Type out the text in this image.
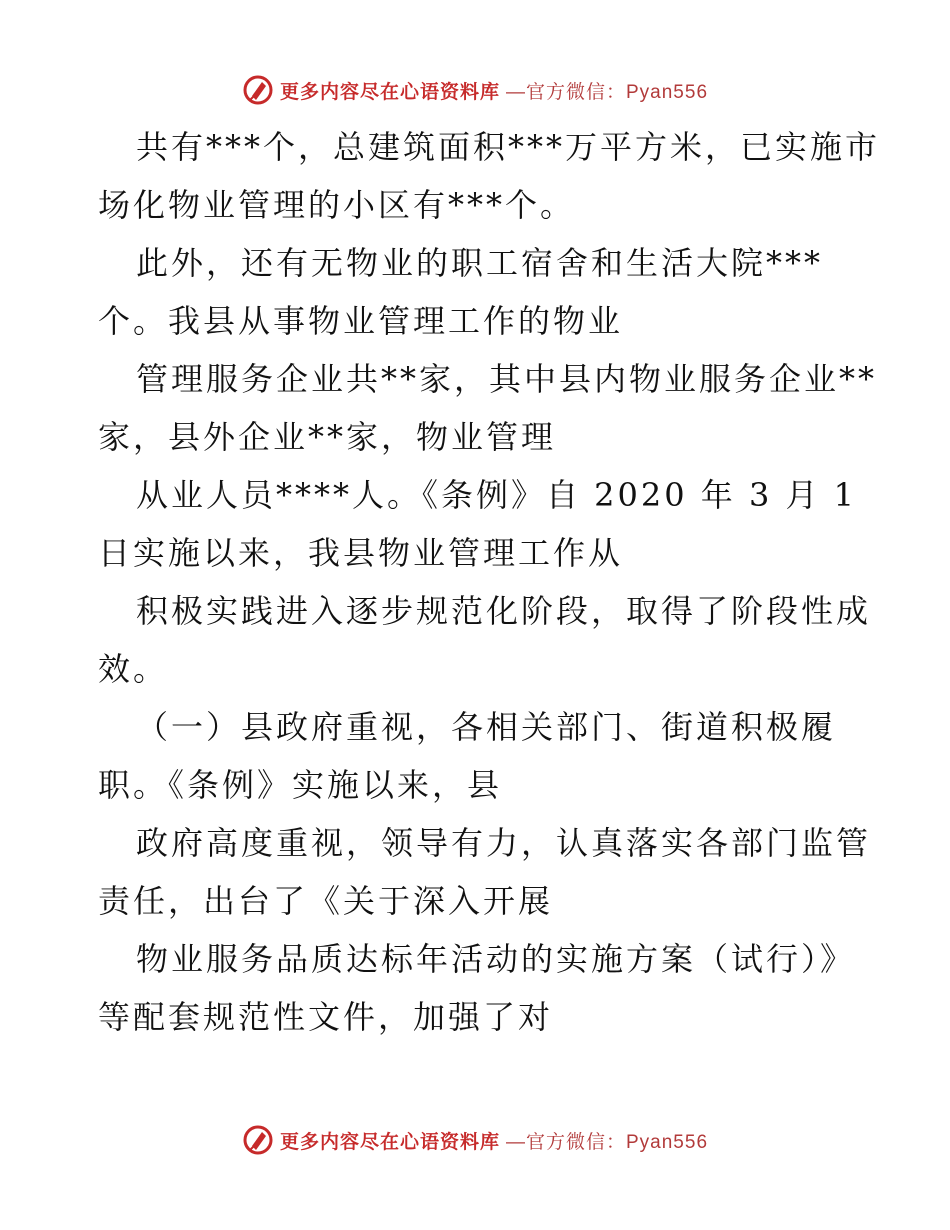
更多内容尽在心语资料库 —官方微信：Pyan556
共有***个，总建筑面积***万平方米，已实施市
场化物业管理的小区有***个。
此外，还有无物业的职工宿舍和生活大院***
个。我县从事物业管理工作的物业
管理服务企业共**家，其中县内物业服务企业**
家，县外企业**家，物业管理
从业人员****人。《条例》自 2020 年 3 月 1
日实施以来，我县物业管理工作从
积极实践进入逐步规范化阶段，取得了阶段性成
效。
（一）县政府重视，各相关部门、街道积极履
职。《条例》实施以来，县
政府高度重视，领导有力，认真落实各部门监管
责任，出台了《关于深入开展
物业服务品质达标年活动的实施方案（试行）》
等配套规范性文件，加强了对
更多内容尽在心语资料库 —官方微信：Pyan556
